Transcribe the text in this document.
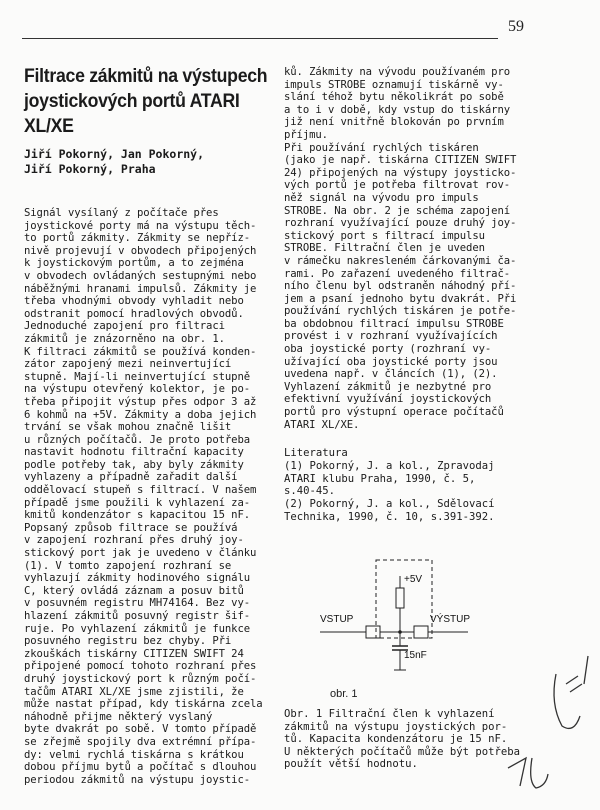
59
Filtrace zákmitů na výstupech
joystickových portů ATARI XL/XE
Jiří Pokorný, Jan Pokorný,
Jiří Pokorný, Praha

Signál vysílaný z počítače přes
joystickové porty má na výstupu těch-
to portů zákmity. Zákmity se nepříz-
nivě projevují v obvodech připojených
k joystickovým portům, a to zejména
v obvodech ovládaných sestupnými nebo
náběžnými hranami impulsů. Zákmity je
třeba vhodnými obvody vyhladit nebo
odstranit pomocí hradlových obvodů.

Jednoduché zapojení pro filtraci
zákmitů je znázorněno na obr. 1.
K filtraci zákmitů se používá konden-
zátor zapojený mezi neinvertující
stupně. Mají-li neinvertující stupně
na výstupu otevřený kolektor, je po-
třeba připojit výstup přes odpor 3 až
6 kohmů na +5V. Zákmity a doba jejich
trvání se však mohou značně lišit
u různých počítačů. Je proto potřeba
nastavit hodnotu filtrační kapacity
podle potřeby tak, aby byly zákmity
vyhlazeny a případně zařadit další
oddělovací stupeň s filtrací. V našem
případě jsme použili k vyhlazení za-
kmitů kondenzátor s kapacitou 15 nF.

Popsaný způsob filtrace se používá
v zapojení rozhraní přes druhý joy-
stickový port jak je uvedeno v článku
(1). V tomto zapojení rozhraní se
vyhlazují zákmity hodinového signálu
C, který ovládá záznam a posuv bitů
v posuvném registru MH74164. Bez vy-
hlazení zákmitů posuvný registr šif-
ruje. Po vyhlazení zákmitů je funkce
posuvného registru bez chyby. Při
zkouškách tiskárny CITIZEN SWIFT 24
připojené pomocí tohoto rozhraní přes
druhý joystickový port k různým počí-
tačům ATARI XL/XE jsme zjistili, že
může nastat případ, kdy tiskárna zcela
náhodně přijme některý vyslaný
byte dvakrát po sobě. V tomto případě
se zřejmě spojily dva extrémní přípa-
dy: velmi rychlá tiskárna s krátkou
dobou příjmu bytů a počítač s dlouhou
periodou zákmitů na výstupu joystic-

ků. Zákmity na vývodu používaném pro
impuls STROBE oznamují tiskárně vy-
slání téhož bytu několikrát po sobě
a to i v době, kdy vstup do tiskárny
již není vnitřně blokován po prvním
příjmu.

Při používání rychlých tiskáren
(jako je např. tiskárna CITIZEN SWIFT
24) připojených na výstupy joysticko-
vých portů je potřeba filtrovat rov-
něž signál na vývodu pro impuls
STROBE. Na obr. 2 je schéma zapojení
rozhraní využívající pouze druhý joy-
stickový port s filtrací impulsu
STROBE. Filtrační člen je uveden
v rámečku nakresleném čárkovanými ča-
rami. Po zařazení uvedeného filtrač-
ního členu byl odstraněn náhodný pří-
jem a psaní jednoho bytu dvakrát. Při
používání rychlých tiskáren je potře-
ba obdobnou filtrací impulsu STROBE
provést i v rozhraní využívajících
oba joystické porty (rozhraní vy-
užívající oba joystické porty jsou
uvedena např. v článcích (1), (2).

Vyhlazení zákmitů je nezbytné pro
efektivní využívání joystickových
portů pro výstupní operace počítačů
ATARI XL/XE.

Literatura
(1) Pokorný, J. a kol., Zpravodaj
ATARI klubu Praha, 1990, č. 5,
s.40-45.
(2) Pokorný, J. a kol., Sdělovací
Technika, 1990, č. 10, s.391-392.
+5V
VSTUP	VÝSTUP
15nF
obr. 1
Obr. 1 Filtrační člen k vyhlazení
zákmitů na výstupu joystických por-
tů. Kapacita kondenzátoru je 15 nF.
U některých počítačů může být potřeba
použít větší hodnotu.
